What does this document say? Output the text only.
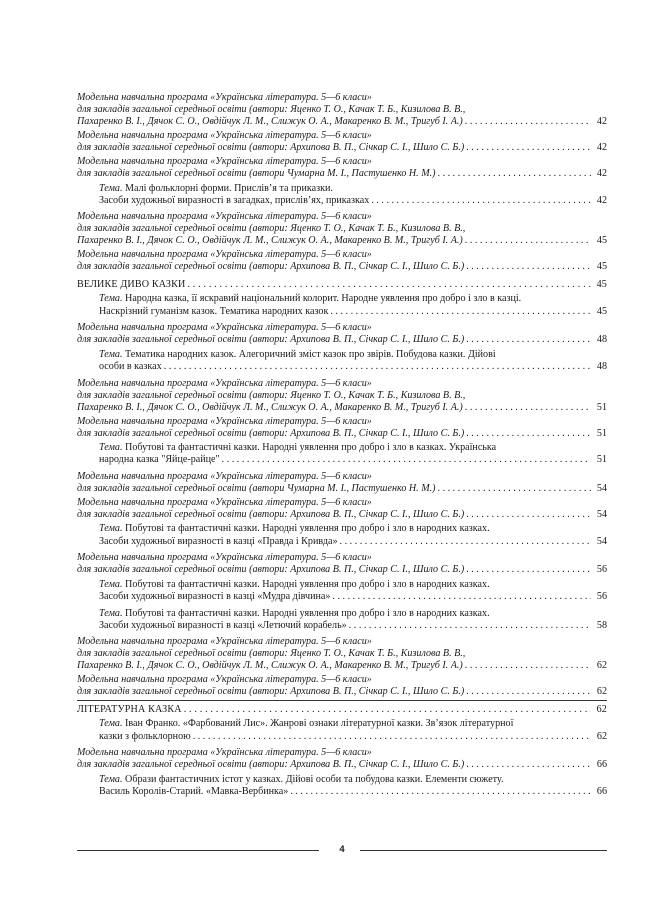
Модельна навчальна програма «Українська література. 5—6 класи»
для закладів загальної середньої освіти (автори: Яценко Т. О., Качак Т. Б., Кизилова В. В.,
Пахаренко В. І., Дячок С. О., Овдійчук Л. М., Слижук О. А., Макаренко В. М., Тригуб І. А.) . . .	42
Модельна навчальна програма «Українська література. 5—6 класи»
для закладів загальної середньої освіти (автори: Архипова В. П., Січкар С. І., Шило С. Б.) . . .	42
Модельна навчальна програма «Українська література. 5—6 класи»
для закладів загальної середньої освіти (автори Чумарна М. І., Пастушенко Н. М.) . . .	42
Тема. Малі фольклорні форми. Прислів’я та приказки.
Засоби художньої виразності в загадках, прислів’ях, приказках . . .	42
Модельна навчальна програма «Українська література. 5—6 класи»
для закладів загальної середньої освіти (автори: Яценко Т. О., Качак Т. Б., Кизилова В. В.,
Пахаренко В. І., Дячок С. О., Овдійчук Л. М., Слижук О. А., Макаренко В. М., Тригуб І. А.) . . .	45
Модельна навчальна програма «Українська література. 5—6 класи»
для закладів загальної середньої освіти (автори: Архипова В. П., Січкар С. І., Шило С. Б.) . . .	45
ВЕЛИКЕ ДИВО КАЗКИ . . .	45
Тема. Народна казка, її яскравий національний колорит. Народне уявлення про добро і зло в казці.
Наскрізний гуманізм казок. Тематика народних казок . . .	45
Модельна навчальна програма «Українська література. 5—6 класи»
для закладів загальної середньої освіти (автори: Архипова В. П., Січкар С. І., Шило С. Б.) . . .	48
Тема. Тематика народних казок. Алегоричний зміст казок про звірів. Побудова казки. Дійові
особи в казках . . .	48
Модельна навчальна програма «Українська література. 5—6 класи»
для закладів загальної середньої освіти (автори: Яценко Т. О., Качак Т. Б., Кизилова В. В.,
Пахаренко В. І., Дячок С. О., Овдійчук Л. М., Слижук О. А., Макаренко В. М., Тригуб І. А.) . . .	51
Модельна навчальна програма «Українська література. 5—6 класи»
для закладів загальної середньої освіти (автори: Архипова В. П., Січкар С. І., Шило С. Б.) . . .	51
Тема. Побутові та фантастичні казки. Народні уявлення про добро і зло в казках. Українська
народна казка "Яйце-райце" . . .	51
Модельна навчальна програма «Українська література. 5—6 класи»
для закладів загальної середньої освіти (автори Чумарна М. І., Пастушенко Н. М.) . . .	54
Модельна навчальна програма «Українська література. 5—6 класи»
для закладів загальної середньої освіти (автори: Архипова В. П., Січкар С. І., Шило С. Б.) . . .	54
Тема. Побутові та фантастичні казки. Народні уявлення про добро і зло в народних казках.
Засоби художньої виразності в казці «Правда і Кривда» . . .	54
Модельна навчальна програма «Українська література. 5—6 класи»
для закладів загальної середньої освіти (автори: Архипова В. П., Січкар С. І., Шило С. Б.) . . .	56
Тема. Побутові та фантастичні казки. Народні уявлення про добро і зло в народних казках.
Засоби художньої виразності в казці «Мудра дівчина» . . .	56
Тема. Побутові та фантастичні казки. Народні уявлення про добро і зло в народних казках.
Засоби художньої виразності в казці «Летючий корабель» . . .	58
Модельна навчальна програма «Українська література. 5—6 класи»
для закладів загальної середньої освіти (автори: Яценко Т. О., Качак Т. Б., Кизилова В. В.,
Пахаренко В. І., Дячок С. О., Овдійчук Л. М., Слижук О. А., Макаренко В. М., Тригуб І. А.) . . .	62
Модельна навчальна програма «Українська література. 5—6 класи»
для закладів загальної середньої освіти (автори: Архипова В. П., Січкар С. І., Шило С. Б.) . . .	62
ЛІТЕРАТУРНА КАЗКА . . .	62
Тема. Іван Франко. «Фарбований Лис». Жанрові ознаки літературної казки. Зв’язок літературної
казки з фольклорною . . .	62
Модельна навчальна програма «Українська література. 5—6 класи»
для закладів загальної середньої освіти (автори: Архипова В. П., Січкар С. І., Шило С. Б.) . . .	66
Тема. Образи фантастичних істот у казках. Дійові особи та побудова казки. Елементи сюжету.
Василь Королів-Старий. «Мавка-Вербинка» . . .	66
4
